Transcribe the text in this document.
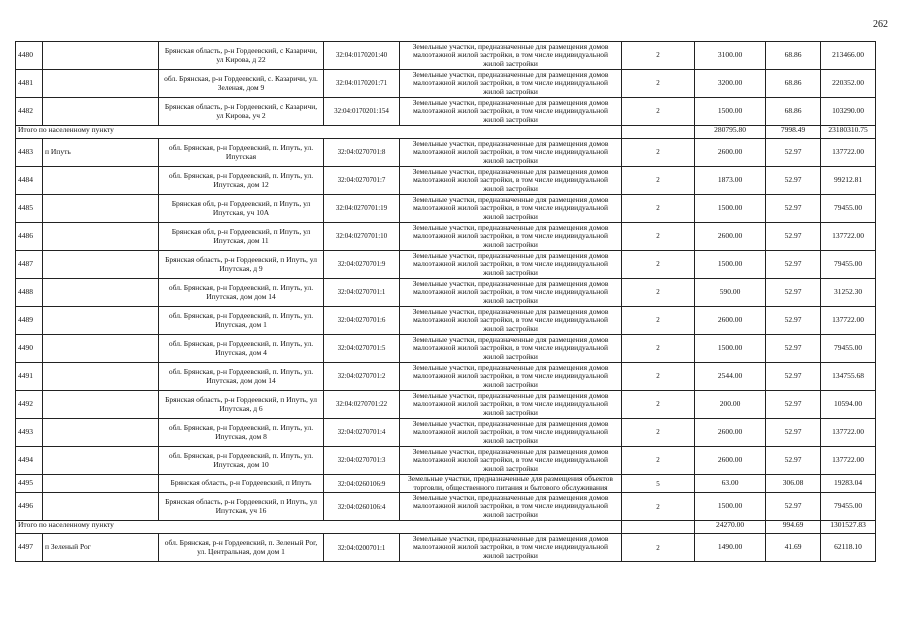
262
4480		Брянская область, р-н Гордеевский, с Казаричи, ул Кирова, д 22	32:04:0170201:40	Земельные участки, предназначенные для размещения домов малоэтажной жилой застройки, в том числе индивидуальной жилой застройки	2	3100.00	68.86	213466.00
4481		обл. Брянская, р-н Гордеевский, с. Казаричи, ул. Зеленая, дом 9	32:04:0170201:71	Земельные участки, предназначенные для размещения домов малоэтажной жилой застройки, в том числе индивидуальной жилой застройки	2	3200.00	68.86	220352.00
4482		Брянская область, р-н Гордеевский, с Казаричи, ул Кирова, уч 2	32:04:0170201:154	Земельные участки, предназначенные для размещения домов малоэтажной жилой застройки, в том числе индивидуальной жилой застройки	2	1500.00	68.86	103290.00
Итого по населенному пункту						280795.80	7998.49	23180310.75
4483	п Ипуть	обл. Брянская, р-н Гордеевский, п. Ипуть, ул. Ипутская	32:04:0270701:8	Земельные участки, предназначенные для размещения домов малоэтажной жилой застройки, в том числе индивидуальной жилой застройки	2	2600.00	52.97	137722.00
4484		обл. Брянская, р-н Гордеевский, п. Ипуть, ул. Ипутская, дом 12	32:04:0270701:7	Земельные участки, предназначенные для размещения домов малоэтажной жилой застройки, в том числе индивидуальной жилой застройки	2	1873.00	52.97	99212.81
4485		Брянская обл, р-н Гордеевский, п Ипуть, ул Ипутская, уч 10А	32:04:0270701:19	Земельные участки, предназначенные для размещения домов малоэтажной жилой застройки, в том числе индивидуальной жилой застройки	2	1500.00	52.97	79455.00
4486		Брянская обл, р-н Гордеевский, п Ипуть, ул Ипутская, дом 11	32:04:0270701:10	Земельные участки, предназначенные для размещения домов малоэтажной жилой застройки, в том числе индивидуальной жилой застройки	2	2600.00	52.97	137722.00
4487		Брянская область, р-н Гордеевский, п Ипуть, ул Ипутская, д 9	32:04:0270701:9	Земельные участки, предназначенные для размещения домов малоэтажной жилой застройки, в том числе индивидуальной жилой застройки	2	1500.00	52.97	79455.00
4488		обл. Брянская, р-н Гордеевский, п. Ипуть, ул. Ипутская, дом дом 14	32:04:0270701:1	Земельные участки, предназначенные для размещения домов малоэтажной жилой застройки, в том числе индивидуальной жилой застройки	2	590.00	52.97	31252.30
4489		обл. Брянская, р-н Гордеевский, п. Ипуть, ул. Ипутская, дом 1	32:04:0270701:6	Земельные участки, предназначенные для размещения домов малоэтажной жилой застройки, в том числе индивидуальной жилой застройки	2	2600.00	52.97	137722.00
4490		обл. Брянская, р-н Гордеевский, п. Ипуть, ул. Ипутская, дом 4	32:04:0270701:5	Земельные участки, предназначенные для размещения домов малоэтажной жилой застройки, в том числе индивидуальной жилой застройки	2	1500.00	52.97	79455.00
4491		обл. Брянская, р-н Гордеевский, п. Ипуть, ул. Ипутская, дом дом 14	32:04:0270701:2	Земельные участки, предназначенные для размещения домов малоэтажной жилой застройки, в том числе индивидуальной жилой застройки	2	2544.00	52.97	134755.68
4492		Брянская область, р-н Гордеевский, п Ипуть, ул Ипутская, д 6	32:04:0270701:22	Земельные участки, предназначенные для размещения домов малоэтажной жилой застройки, в том числе индивидуальной жилой застройки	2	200.00	52.97	10594.00
4493		обл. Брянская, р-н Гордеевский, п. Ипуть, ул. Ипутская, дом 8	32:04:0270701:4	Земельные участки, предназначенные для размещения домов малоэтажной жилой застройки, в том числе индивидуальной жилой застройки	2	2600.00	52.97	137722.00
4494		обл. Брянская, р-н Гордеевский, п. Ипуть, ул. Ипутская, дом 10	32:04:0270701:3	Земельные участки, предназначенные для размещения домов малоэтажной жилой застройки, в том числе индивидуальной жилой застройки	2	2600.00	52.97	137722.00
4495		Брянская область, р-н Гордеевский, п Ипуть	32:04:0260106:9	Земельные участки, предназначенные для размещения объектов торговли, общественного питания и бытового обслуживания	5	63.00	306.08	19283.04
4496		Брянская область, р-н Гордеевский, п Ипуть, ул Ипутская, уч 16	32:04:0260106:4	Земельные участки, предназначенные для размещения домов малоэтажной жилой застройки, в том числе индивидуальной жилой застройки	2	1500.00	52.97	79455.00
Итого по населенному пункту						24270.00	994.69	1301527.83
4497	п Зеленый Рог	обл. Брянская, р-н Гордеевский, п. Зеленый Рог, ул. Центральная, дом дом 1	32:04:0200701:1	Земельные участки, предназначенные для размещения домов малоэтажной жилой застройки, в том числе индивидуальной жилой застройки	2	1490.00	41.69	62118.10
